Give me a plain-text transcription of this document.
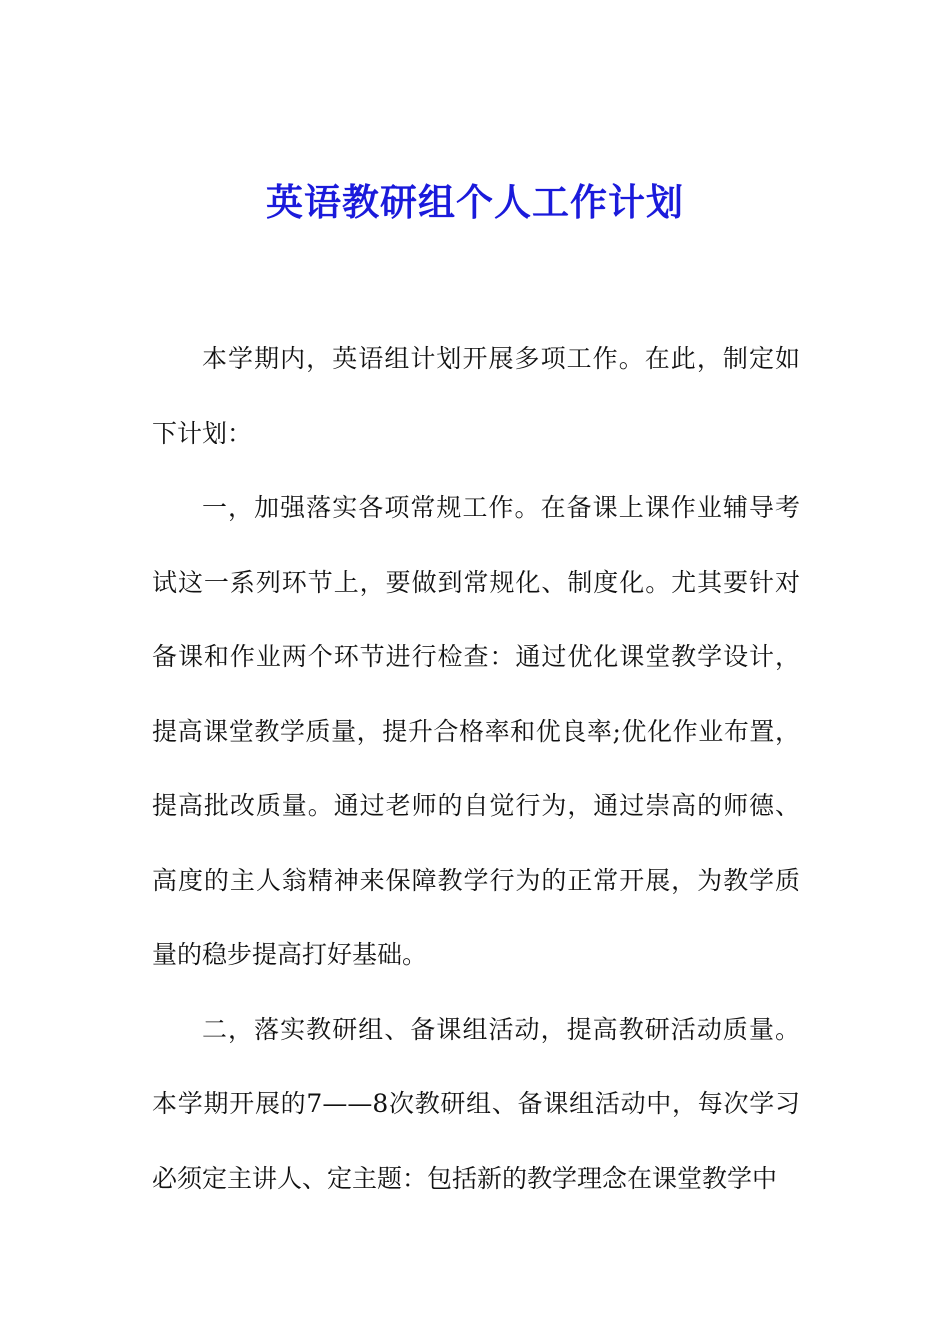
英语教研组个人工作计划

本学期内，英语组计划开展多项工作。在此，制定如下计划：

一，加强落实各项常规工作。在备课上课作业辅导考试这一系列环节上，要做到常规化、制度化。尤其要针对备课和作业两个环节进行检查：通过优化课堂教学设计，提高课堂教学质量，提升合格率和优良率;优化作业布置，提高批改质量。通过老师的自觉行为，通过崇高的师德、高度的主人翁精神来保障教学行为的正常开展，为教学质量的稳步提高打好基础。

二，落实教研组、备课组活动，提高教研活动质量。本学期开展的7——8次教研组、备课组活动中，每次学习必须定主讲人、定主题：包括新的教学理念在课堂教学中
